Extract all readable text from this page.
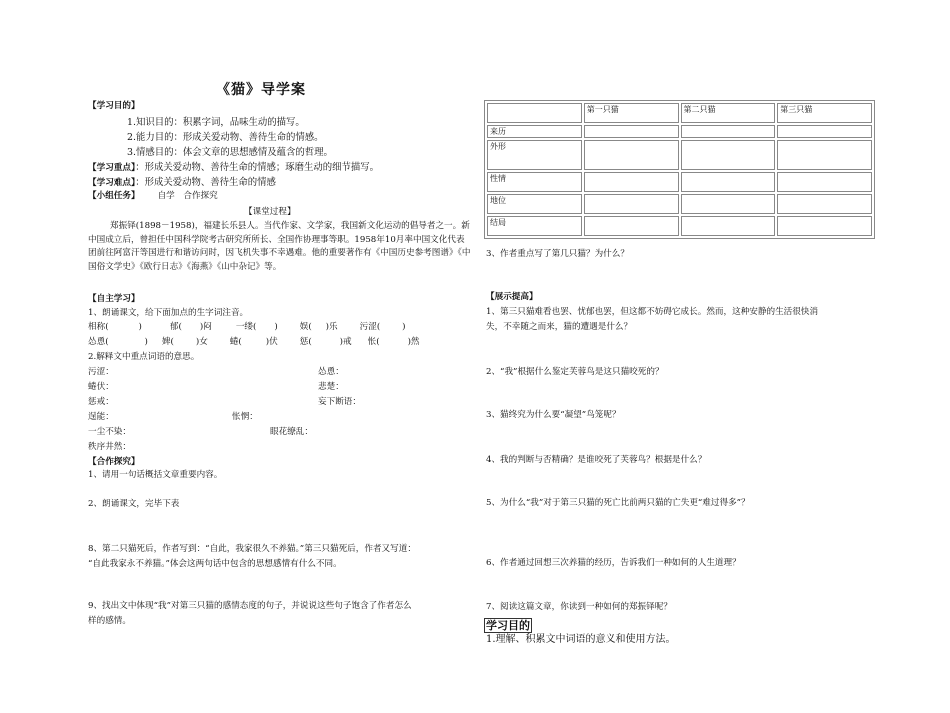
《猫》导学案
【学习目的】
1.知识目的：积累字词，品味生动的描写。
2.能力目的：形成关爱动物、善待生命的情感。
3.情感目的：体会文章的思想感情及蕴含的哲理。
【学习重点】：形成关爱动物、善待生命的情感；琢磨生动的细节描写。
【学习难点】：形成关爱动物、善待生命的情感
【小组任务】 自学　合作探究
【课堂过程】
郑振铎(1898－1958)，福建长乐县人。当代作家、文学家，我国新文化运动的倡导者之一。新中国成立后，曾担任中国科学院考古研究所所长、全国作协理事等职。1958年10月率中国文化代表团前往阿富汗等国进行和谐访问时，因飞机失事不幸遇难。他的重要著作有《中国历史参考图谱》《中国俗文学史》《欧行日志》《海燕》《山中杂记》等。
【自主学习】
1、朗诵课文，给下面加点的生字词注音。
相称(	)	郁( )闷	一缕( )	娱( )乐	污涩(	)
怂恿(	) 婢(	)女	蜷(	)伏	惩(	)戒 怅(	)然
2.解释文中重点词语的意思。
污涩：	怂恿：
蜷伏：	悲楚：
惩戒：	妄下断语：
逞能：	怅惘：
一尘不染：	眼花缭乱：
秩序井然：
【合作探究】
1、请用一句话概括文章重要内容。
2、朗诵课文，完毕下表
8、第二只猫死后，作者写到：“自此，我家很久不养猫。”第三只猫死后，作者又写道：
“自此我家永不养猫。”体会这两句话中包含的思想感情有什么不同。
9、找出文中体现“我”对第三只猫的感情态度的句子，并说说这些句子饱含了作者怎么
样的感情。
	第一只猫	第二只猫	第三只猫
来历			
外形			
性情			
地位			
结局			
3、作者重点写了第几只猫？为什么？
【展示提高】
1、第三只猫难看也罢、忧郁也罢，但这都不妨碍它成长。然而，这种安静的生活很快消
失，不幸随之而来，猫的遭遇是什么？
2、“我”根据什么鉴定芙蓉鸟是这只猫咬死的？
3、猫终究为什么要“凝望”鸟笼呢？
4、我的判断与否精确？是谁咬死了芙蓉鸟？根据是什么？
5、为什么“我”对于第三只猫的死亡比前两只猫的亡失更“难过得多”？
6、作者通过回想三次养猫的经历，告诉我们一种如何的人生道理？
7、阅读这篇文章，你读到一种如何的郑振铎呢？
学习目的
1.理解、积累文中词语的意义和使用方法。
